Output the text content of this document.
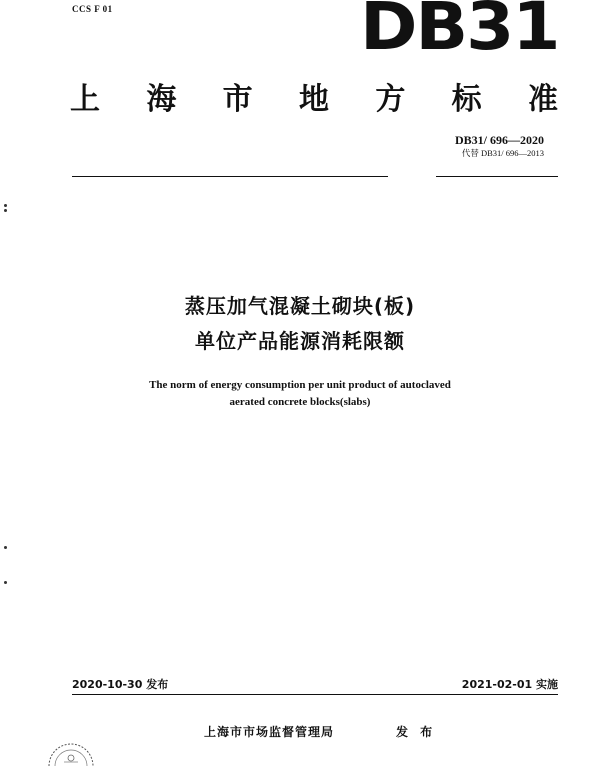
CCS F 01	DB31
上 海 市 地 方 标 准
DB31/ 696—2020
代替 DB31/ 696—2013
蒸压加气混凝土砌块(板)
单位产品能源消耗限额
The norm of energy consumption per unit product of autoclaved
aerated concrete blocks(slabs)
2020-10-30 发布	2021-02-01 实施
上海市市场监督管理局	发 布
